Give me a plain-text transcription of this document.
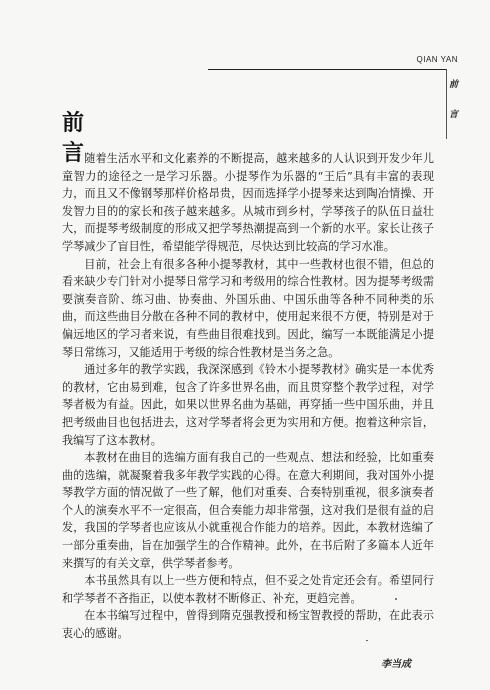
QIAN YAN
前
言
前 言

随着生活水平和文化素养的不断提高，越来越多的人认识到开发少年儿童智力的途径之一是学习乐器。小提琴作为乐器的“王后”具有丰富的表现力，而且又不像钢琴那样价格昂贵，因而选择学小提琴来达到陶冶情操、开发智力目的的家长和孩子越来越多。从城市到乡村，学琴孩子的队伍日益壮大，而提琴考级制度的形成又把学琴热潮提高到一个新的水平。家长让孩子学琴减少了盲目性，希望能学得规范，尽快达到比较高的学习水准。

目前，社会上有很多各种小提琴教材，其中一些教材也很不错，但总的看来缺少专门针对小提琴日常学习和考级用的综合性教材。因为提琴考级需要演奏音阶、练习曲、协奏曲、外国乐曲、中国乐曲等各种不同种类的乐曲，而这些曲目分散在各种不同的教材中，使用起来很不方便，特别是对于偏远地区的学习者来说，有些曲目很难找到。因此，编写一本既能满足小提琴日常练习，又能适用于考级的综合性教材是当务之急。

通过多年的教学实践，我深深感到《铃木小提琴教材》确实是一本优秀的教材，它由易到难，包含了许多世界名曲，而且贯穿整个教学过程，对学琴者极为有益。因此，如果以世界名曲为基础，再穿插一些中国乐曲，并且把考级曲目也包括进去，这对学琴者将会更为实用和方便。抱着这种宗旨，我编写了这本教材。

本教材在曲目的选编方面有我自己的一些观点、想法和经验，比如重奏曲的选编，就凝聚着我多年教学实践的心得。在意大利期间，我对国外小提琴教学方面的情况做了一些了解，他们对重奏、合奏特别重视，很多演奏者个人的演奏水平不一定很高，但合奏能力却非常强，这对我们是很有益的启发，我国的学琴者也应该从小就重视合作能力的培养。因此，本教材选编了一部分重奏曲，旨在加强学生的合作精神。此外，在书后附了多篇本人近年来撰写的有关文章，供学琴者参考。

本书虽然具有以上一些方便和特点，但不妥之处肯定还会有。希望同行和学琴者不吝指正，以使本教材不断修正、补充，更趋完善。

在本书编写过程中，曾得到隋克强教授和杨宝智教授的帮助，在此表示衷心的感谢。

李当成
